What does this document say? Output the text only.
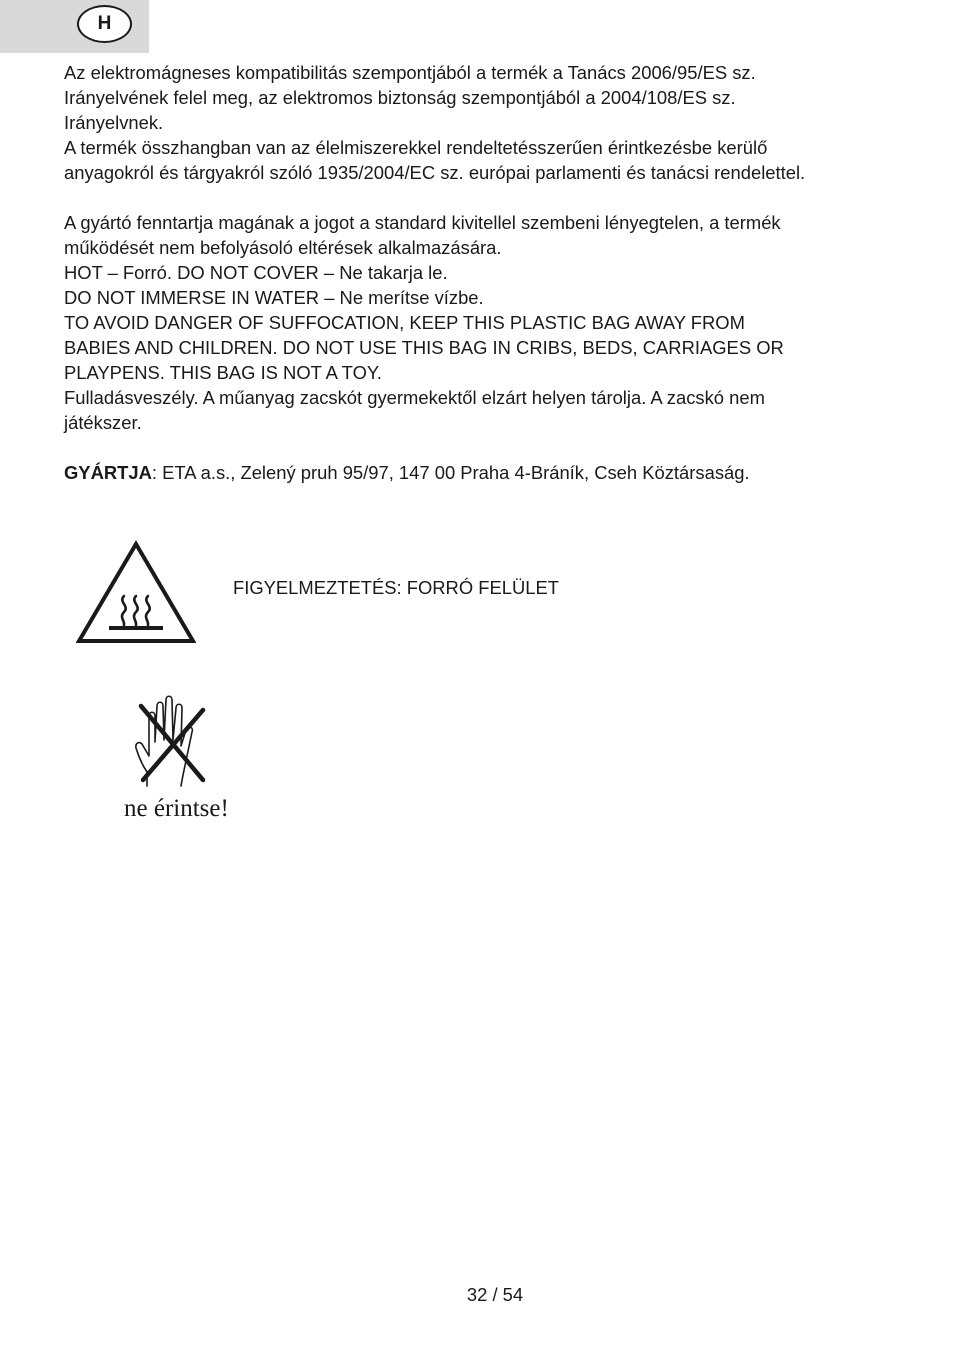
H

Az elektromágneses kompatibilitás szempontjából a termék a Tanács 2006/95/ES sz.

Irányelvének felel meg, az elektromos biztonság szempontjából a 2004/108/ES sz.

Irányelvnek.

A termék összhangban van az élelmiszerekkel rendeltetésszerűen érintkezésbe kerülő

anyagokról és tárgyakról szóló 1935/2004/EC sz. európai parlamenti és tanácsi rendelettel.

A gyártó fenntartja magának a jogot a standard kivitellel szembeni lényegtelen, a termék

működését nem befolyásoló eltérések alkalmazására.

HOT – Forró. DO NOT COVER – Ne takarja le.

DO NOT IMMERSE IN WATER – Ne merítse vízbe.

TO AVOID DANGER OF SUFFOCATION, KEEP THIS PLASTIC BAG AWAY FROM

BABIES AND CHILDREN. DO NOT USE THIS BAG IN CRIBS, BEDS, CARRIAGES OR

PLAYPENS. THIS BAG IS NOT A TOY.

Fulladásveszély. A műanyag zacskót gyermekektől elzárt helyen tárolja. A zacskó nem

játékszer.

GYÁRTJA: ETA a.s., Zelený pruh 95/97, 147 00 Praha 4-Bráník, Cseh Köztársaság.

FIGYELMEZTETÉS: FORRÓ FELÜLET
ne érintse!
32 / 54
